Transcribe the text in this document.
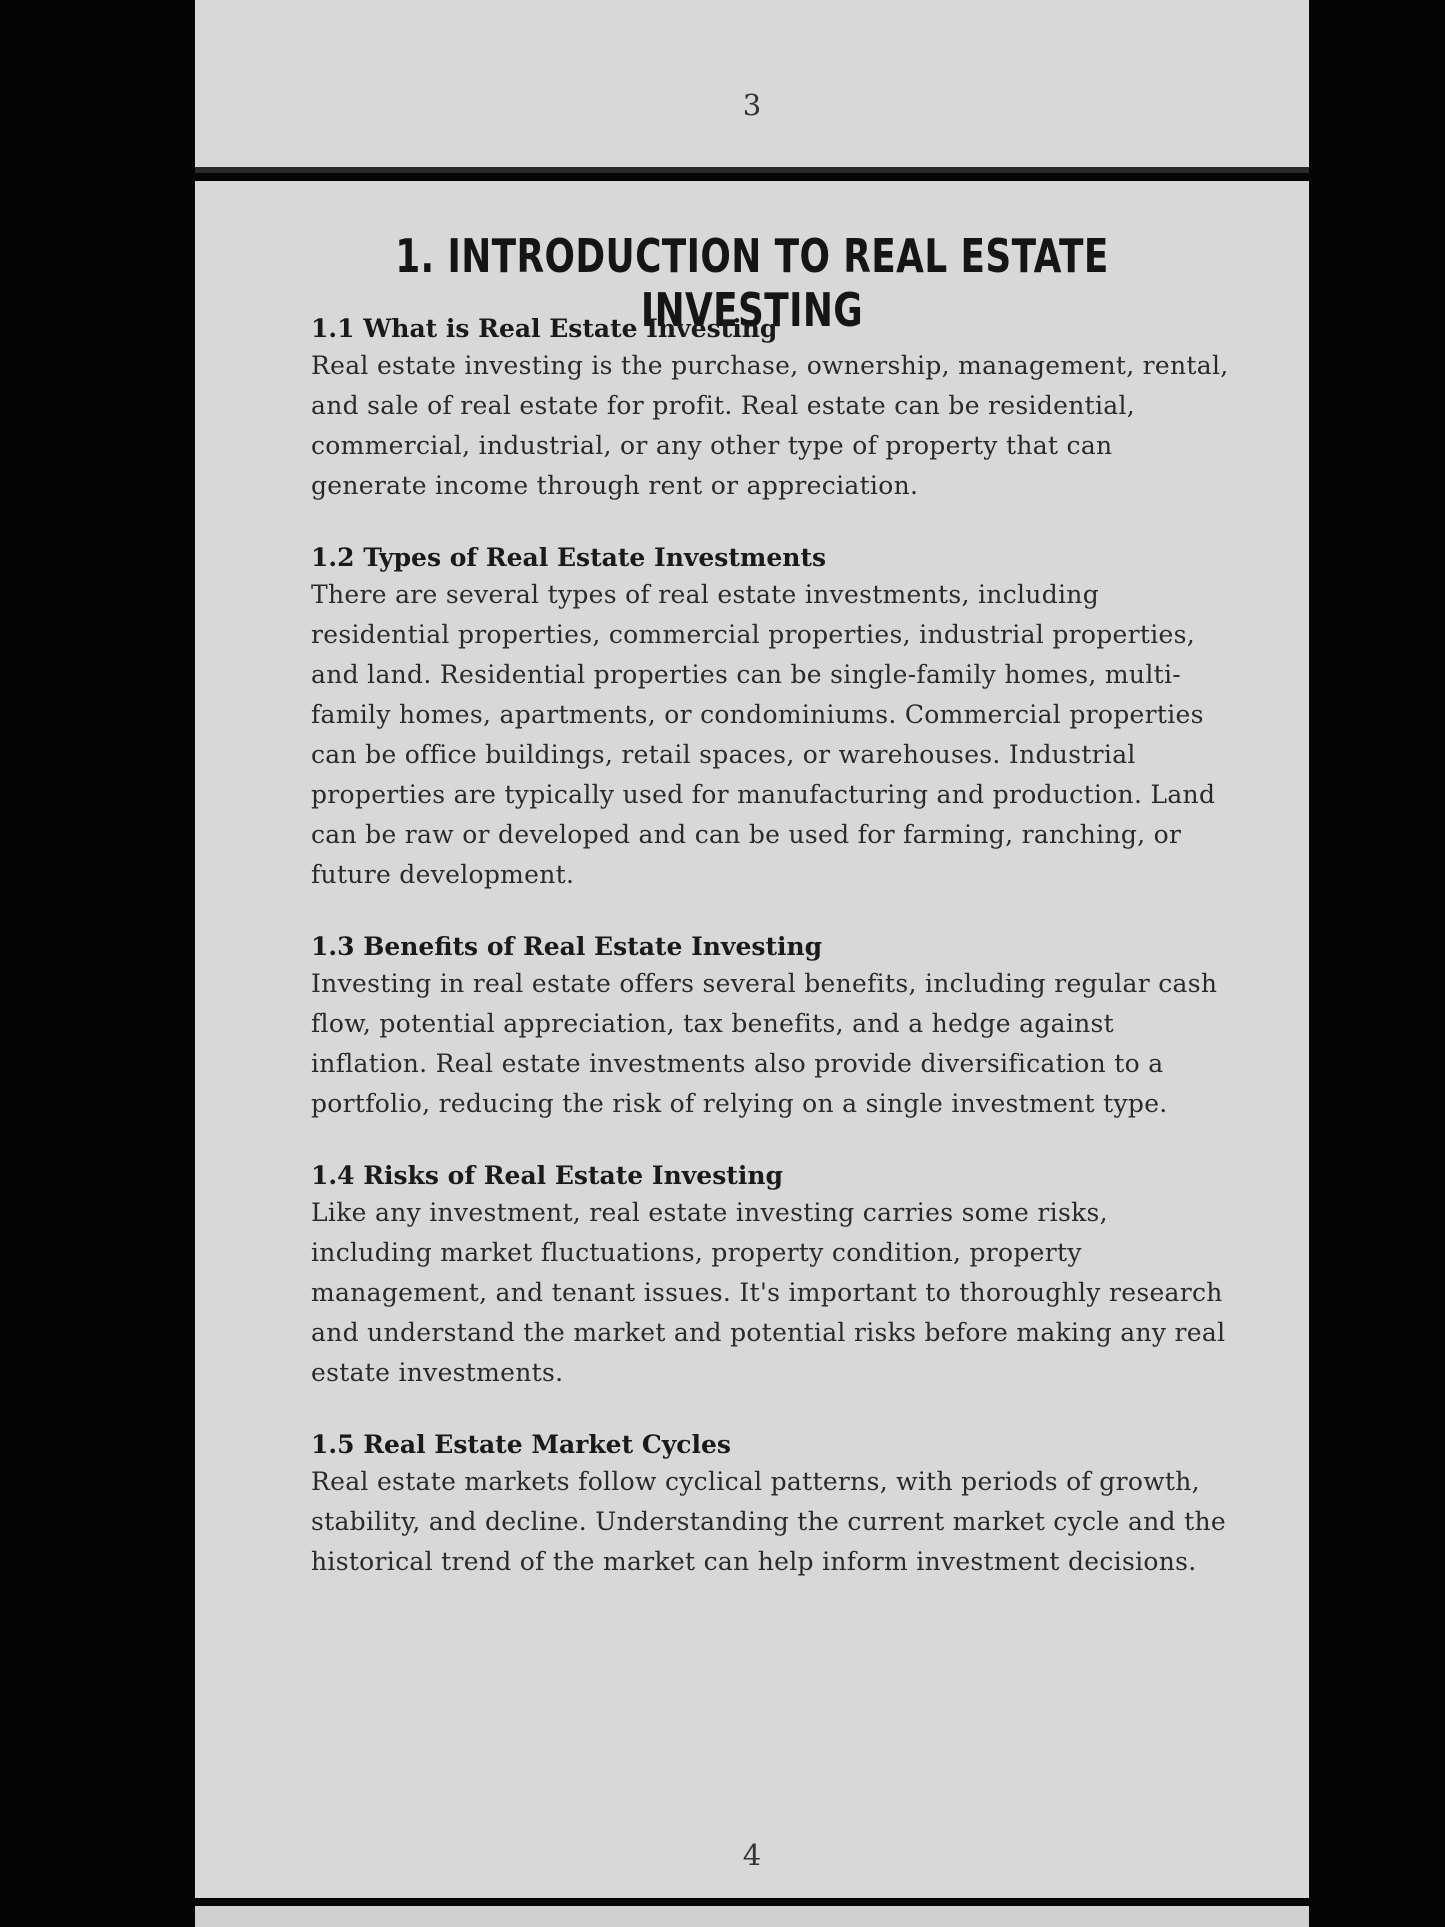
3
1. INTRODUCTION TO REAL ESTATE INVESTING

1.1 What is Real Estate Investing

Real estate investing is the purchase, ownership, management, rental, and sale of real estate for profit. Real estate can be residential, commercial, industrial, or any other type of property that can generate income through rent or appreciation.

1.2 Types of Real Estate Investments

There are several types of real estate investments, including residential properties, commercial properties, industrial properties, and land. Residential properties can be single-family homes, multi-family homes, apartments, or condominiums. Commercial properties can be office buildings, retail spaces, or warehouses. Industrial properties are typically used for manufacturing and production. Land can be raw or developed and can be used for farming, ranching, or future development.

1.3 Benefits of Real Estate Investing

Investing in real estate offers several benefits, including regular cash flow, potential appreciation, tax benefits, and a hedge against inflation. Real estate investments also provide diversification to a portfolio, reducing the risk of relying on a single investment type.

1.4 Risks of Real Estate Investing

Like any investment, real estate investing carries some risks, including market fluctuations, property condition, property management, and tenant issues. It's important to thoroughly research and understand the market and potential risks before making any real estate investments.

1.5 Real Estate Market Cycles

Real estate markets follow cyclical patterns, with periods of growth, stability, and decline. Understanding the current market cycle and the historical trend of the market can help inform investment decisions.

4
